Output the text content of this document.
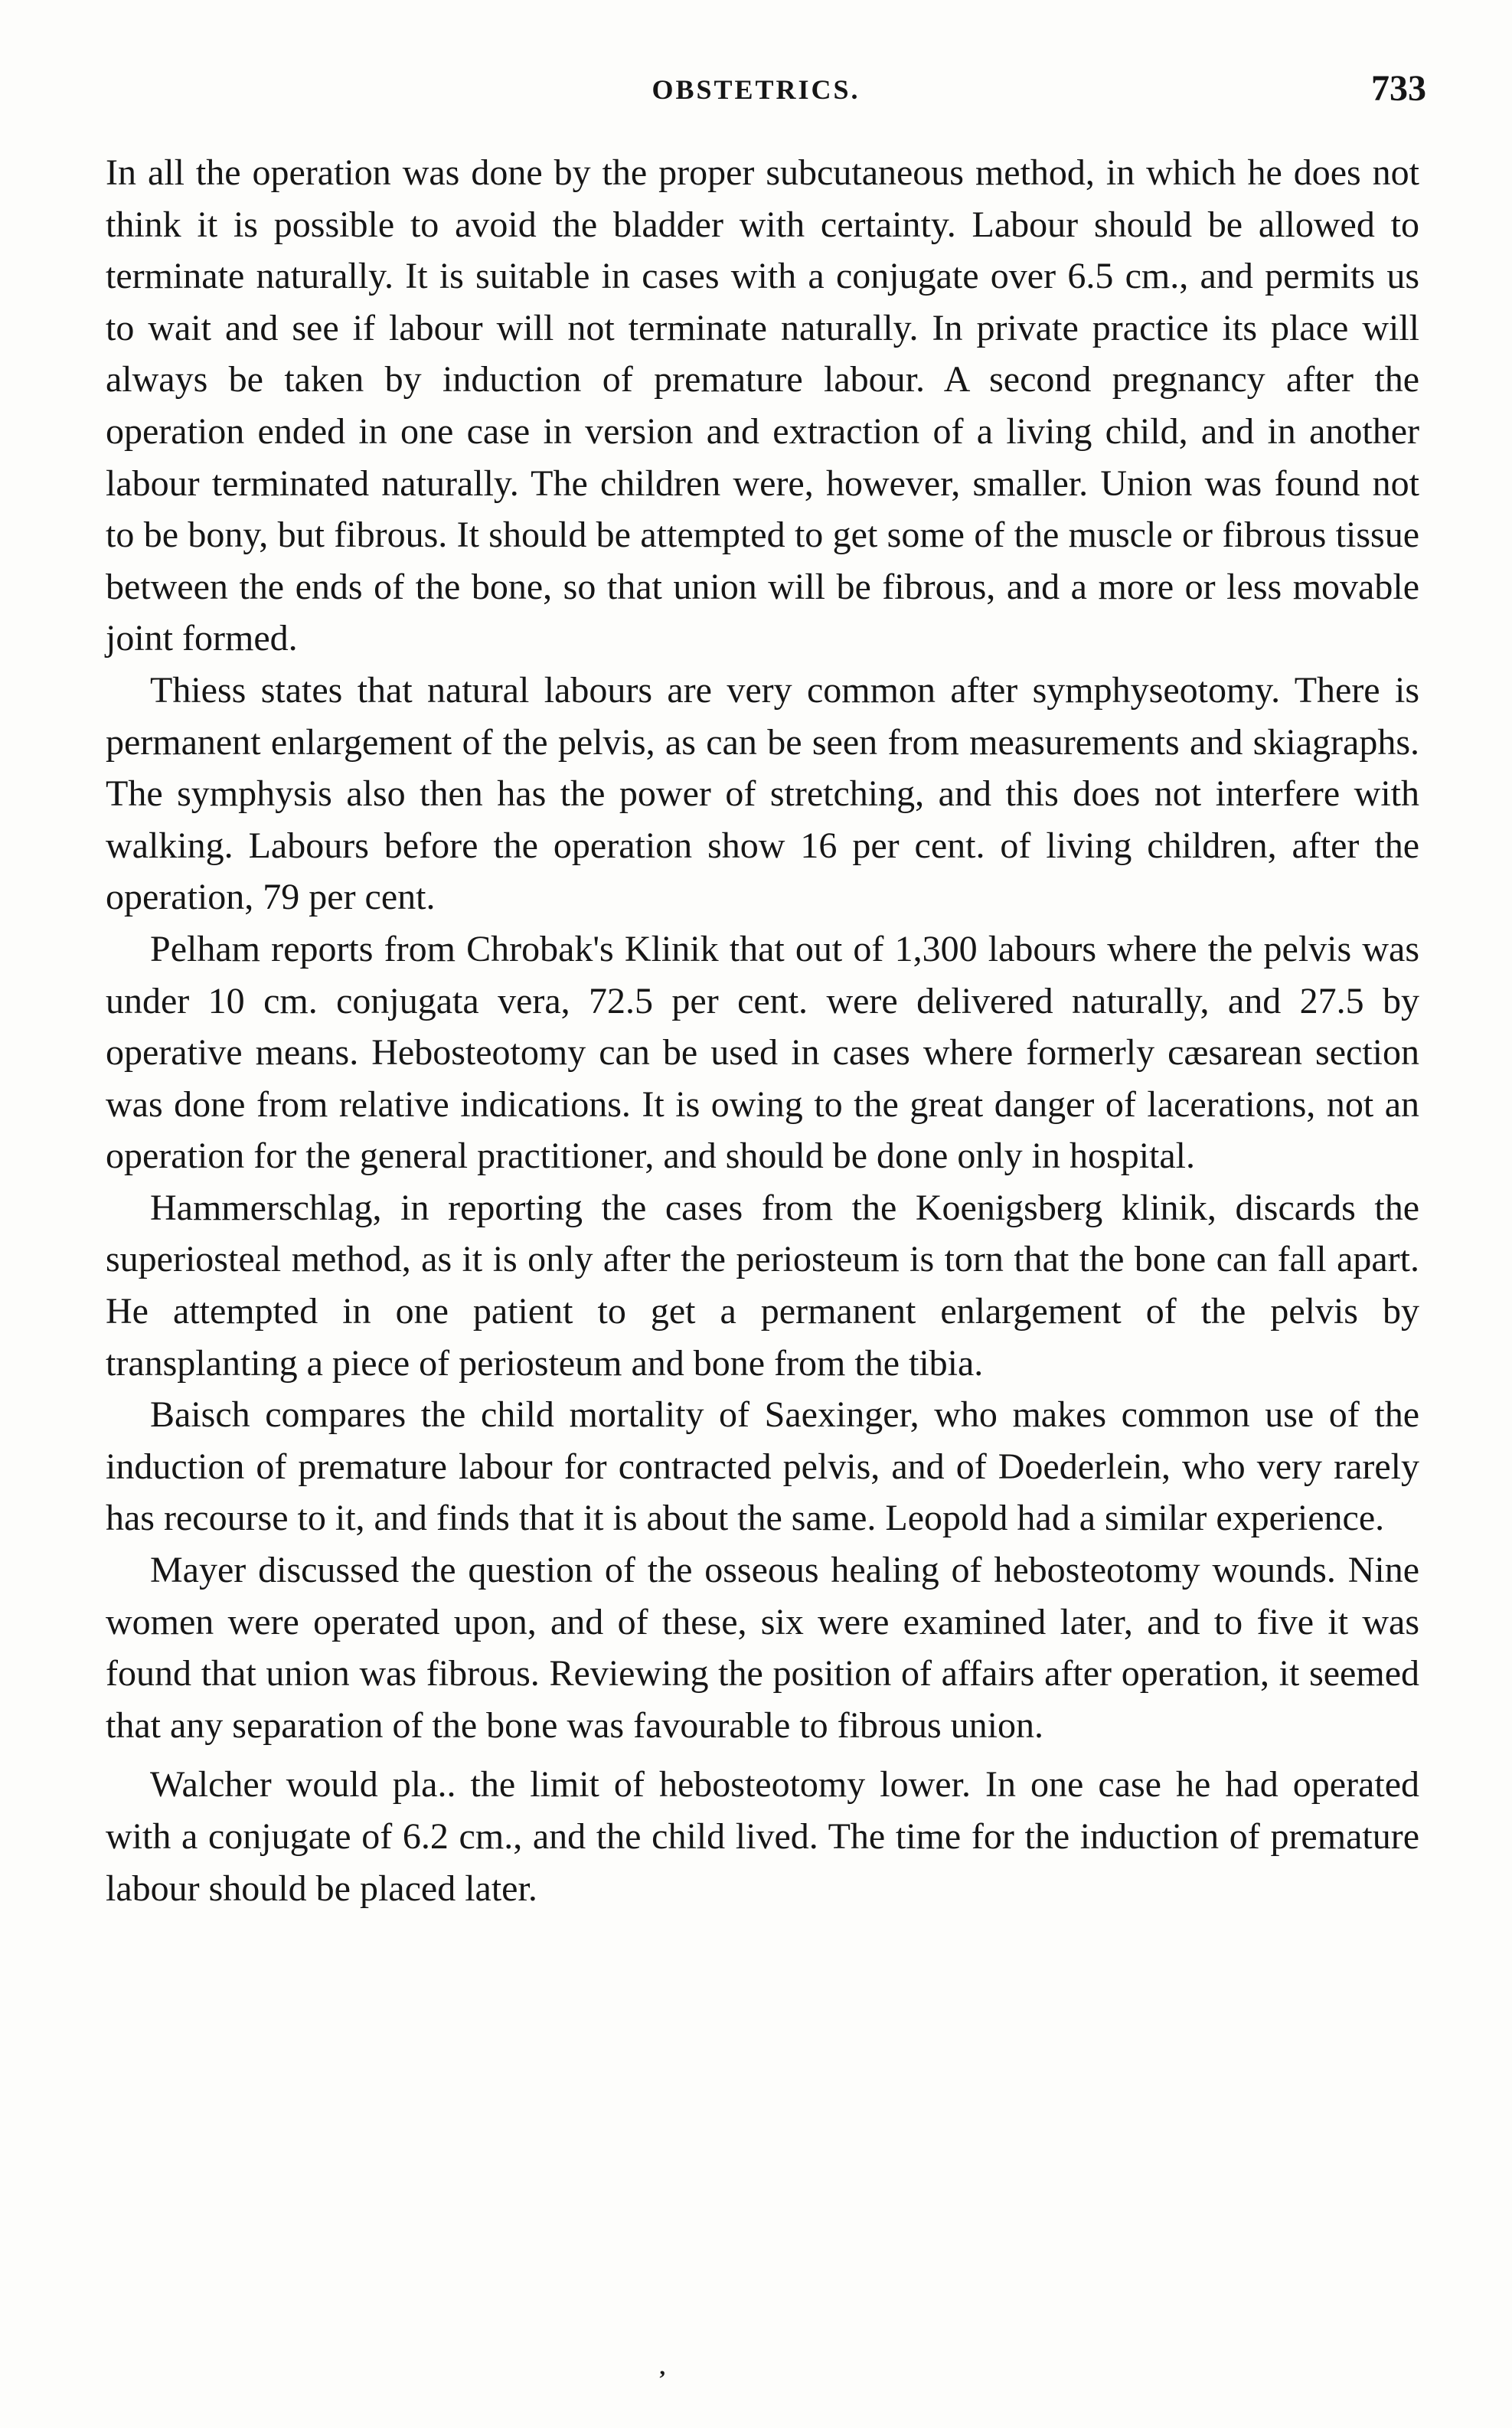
OBSTETRICS.	733

In all the operation was done by the proper subcutaneous method, in which he does not think it is possible to avoid the bladder with certainty. Labour should be allowed to terminate naturally. It is suitable in cases with a conjugate over 6.5 cm., and permits us to wait and see if labour will not terminate naturally. In private practice its place will always be taken by induction of premature labour. A second pregnancy after the operation ended in one case in version and extraction of a living child, and in another labour terminated naturally. The children were, however, smaller. Union was found not to be bony, but fibrous. It should be attempted to get some of the muscle or fibrous tissue between the ends of the bone, so that union will be fibrous, and a more or less movable joint formed.

Thiess states that natural labours are very common after symphyseotomy. There is permanent enlargement of the pelvis, as can be seen from measurements and skiagraphs. The symphysis also then has the power of stretching, and this does not interfere with walking. Labours before the operation show 16 per cent. of living children, after the operation, 79 per cent.

Pelham reports from Chrobak's Klinik that out of 1,300 labours where the pelvis was under 10 cm. conjugata vera, 72.5 per cent. were delivered naturally, and 27.5 by operative means. Hebosteotomy can be used in cases where formerly cæsarean section was done from relative indications. It is owing to the great danger of lacerations, not an operation for the general practitioner, and should be done only in hospital.

Hammerschlag, in reporting the cases from the Koenigsberg klinik, discards the superiosteal method, as it is only after the periosteum is torn that the bone can fall apart. He attempted in one patient to get a permanent enlargement of the pelvis by transplanting a piece of periosteum and bone from the tibia.

Baisch compares the child mortality of Saexinger, who makes common use of the induction of premature labour for contracted pelvis, and of Doederlein, who very rarely has recourse to it, and finds that it is about the same. Leopold had a similar experience.

Mayer discussed the question of the osseous healing of hebosteotomy wounds. Nine women were operated upon, and of these, six were examined later, and to five it was found that union was fibrous. Reviewing the position of affairs after operation, it seemed that any separation of the bone was favourable to fibrous union.

Walcher would pla.. the limit of hebosteotomy lower. In one case he had operated with a conjugate of 6.2 cm., and the child lived. The time for the induction of premature labour should be placed later.

’
